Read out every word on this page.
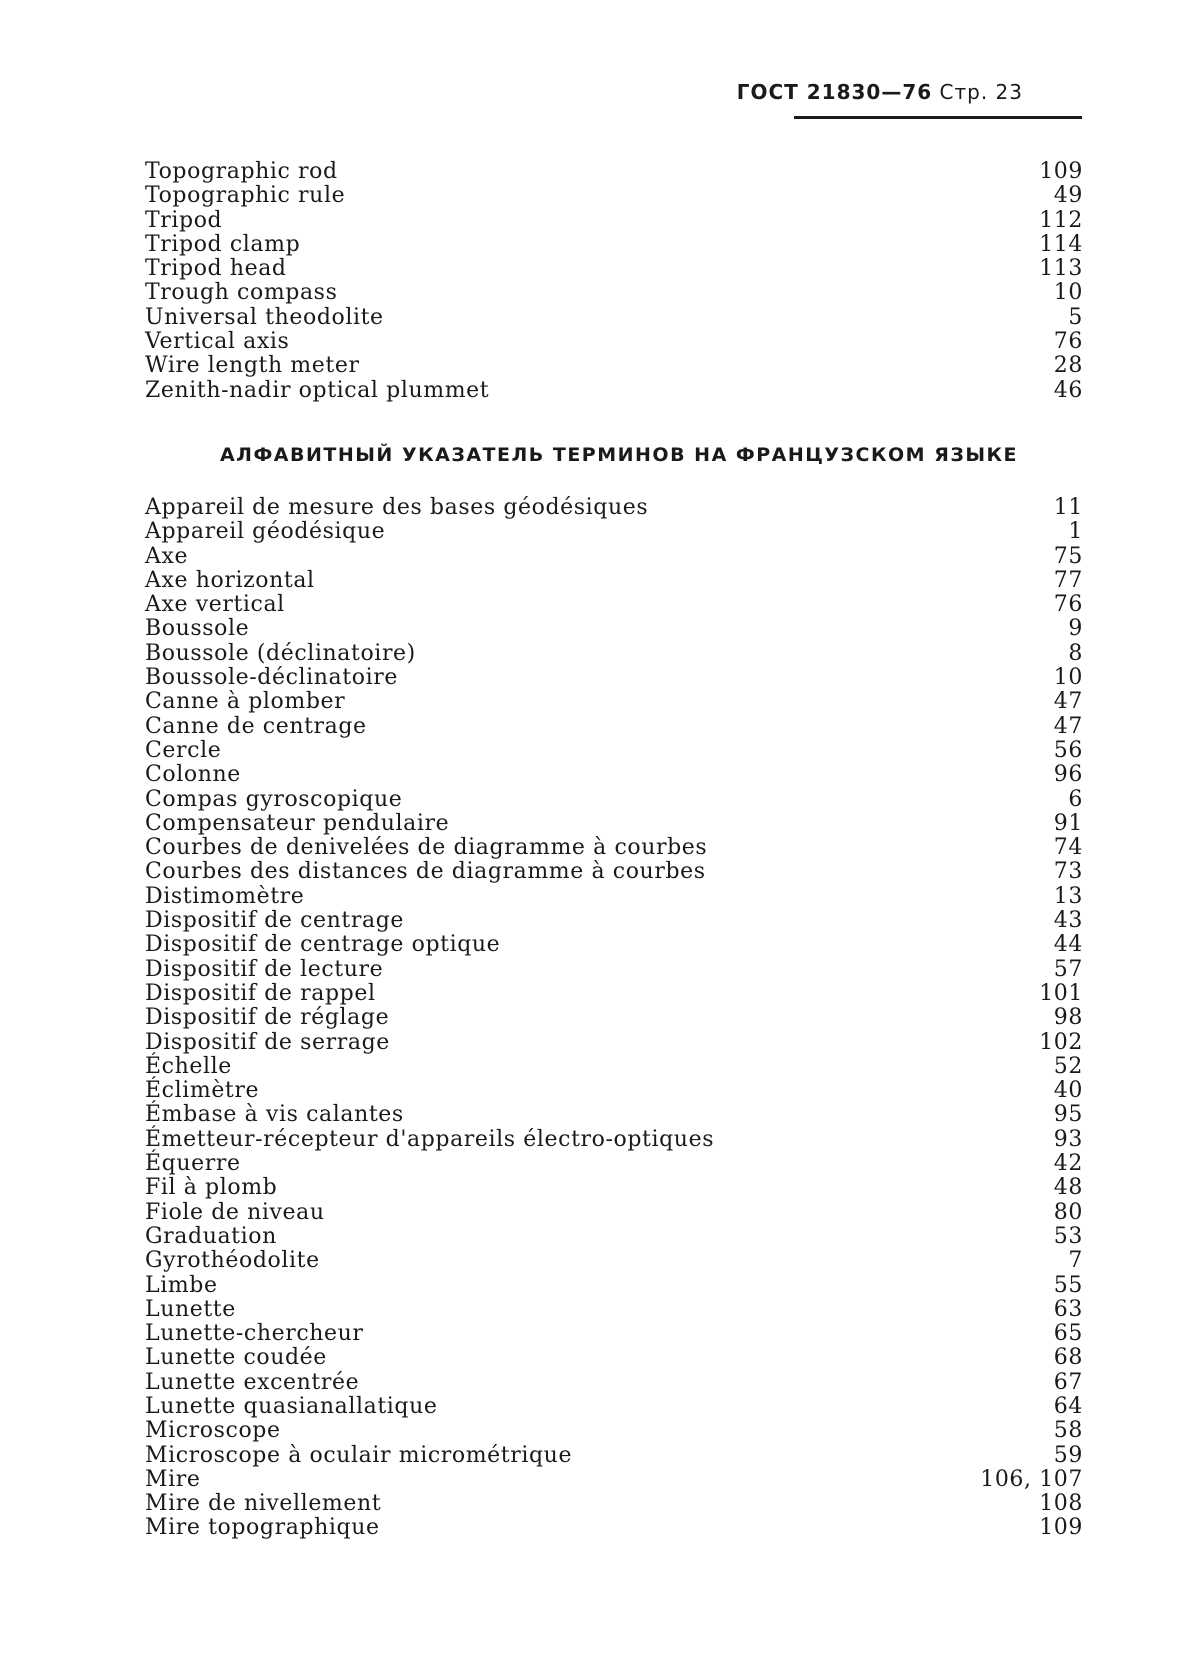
ГОСТ 21830—76 Стр. 23
Topographic rod	109
Topographic rule	49
Tripod	112
Tripod clamp	114
Tripod head	113
Trough compass	10
Universal theodolite	5
Vertical axis	76
Wire length meter	28
Zenith-nadir optical plummet	46
АЛФАВИТНЫЙ УКАЗАТЕЛЬ ТЕРМИНОВ НА ФРАНЦУЗСКОМ ЯЗЫКЕ
Appareil de mesure des bases géodésiques	11
Appareil géodésique	1
Axe	75
Axe horizontal	77
Axe vertical	76
Boussole	9
Boussole (déclinatoire)	8
Boussole-déclinatoire	10
Canne à plomber	47
Canne de centrage	47
Cercle	56
Colonne	96
Compas gyroscopique	6
Compensateur pendulaire	91
Courbes de denivelées de diagramme à courbes	74
Courbes des distances de diagramme à courbes	73
Distimomètre	13
Dispositif de centrage	43
Dispositif de centrage optique	44
Dispositif de lecture	57
Dispositif de rappel	101
Dispositif de réglage	98
Dispositif de serrage	102
Échelle	52
Éclimètre	40
Émbase à vis calantes	95
Émetteur-récepteur d'appareils électro-optiques	93
Équerre	42
Fil à plomb	48
Fiole de niveau	80
Graduation	53
Gyrothéodolite	7
Limbe	55
Lunette	63
Lunette-chercheur	65
Lunette coudée	68
Lunette excentrée	67
Lunette quasianallatique	64
Microscope	58
Microscope à oculair micrométrique	59
Mire	106, 107
Mire de nivellement	108
Mire topographique	109
